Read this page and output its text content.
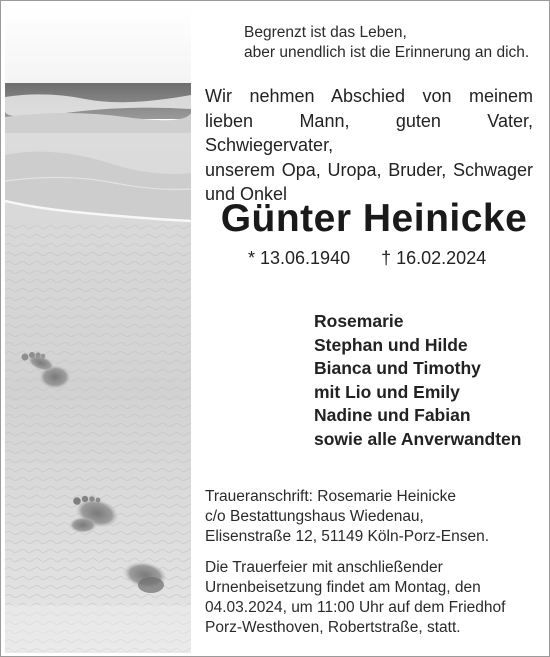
Begrenzt ist das Leben,
aber unendlich ist die Erinnerung an dich.
Wir nehmen Abschied von meinem
lieben Mann, guten Vater, Schwiegervater,
unserem Opa, Uropa, Bruder, Schwager
und Onkel
Günter Heinicke
* 13.06.1940 † 16.02.2024
Rosemarie
Stephan und Hilde
Bianca und Timothy
mit Lio und Emily
Nadine und Fabian
sowie alle Anverwandten
Traueranschrift: Rosemarie Heinicke
c/o Bestattungshaus Wiedenau,
Elisenstraße 12, 51149 Köln-Porz-Ensen.
Die Trauerfeier mit anschließender
Urnenbeisetzung findet am Montag, den
04.03.2024, um 11:00 Uhr auf dem Friedhof
Porz-Westhoven, Robertstraße, statt.
